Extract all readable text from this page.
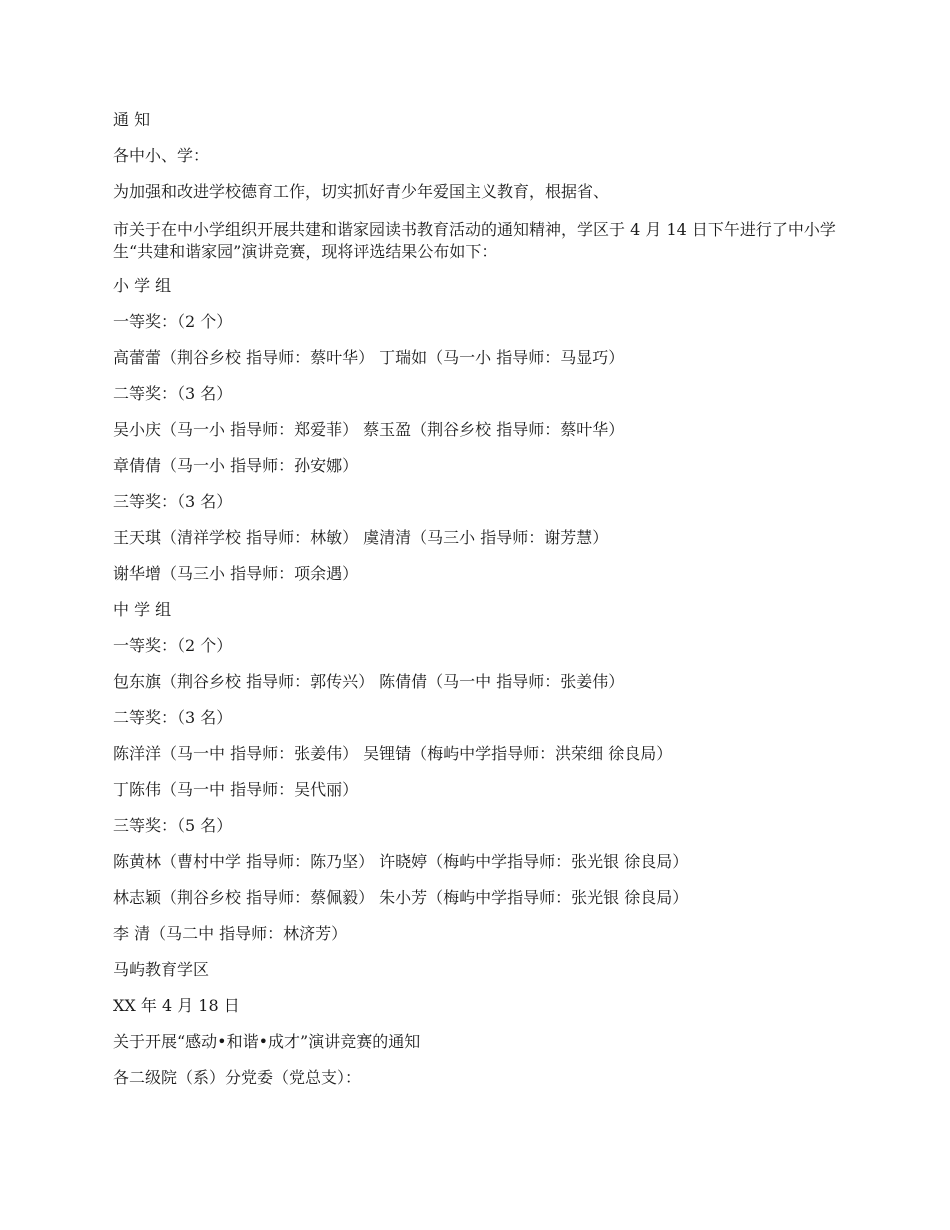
通 知

各中小、学：

为加强和改进学校德育工作，切实抓好青少年爱国主义教育，根据省、

市关于在中小学组织开展共建和谐家园读书教育活动的通知精神，学区于 4 月 14 日下午进行了中小学生“共建和谐家园”演讲竞赛，现将评选结果公布如下：

小 学 组

一等奖：（2 个）

高蕾蕾（荆谷乡校 指导师：蔡叶华） 丁瑞如（马一小 指导师：马显巧）

二等奖：（3 名）

吴小庆（马一小 指导师：郑爱菲） 蔡玉盈（荆谷乡校 指导师：蔡叶华）

章倩倩（马一小 指导师：孙安娜）

三等奖：（3 名）

王天琪（清祥学校 指导师：林敏） 虞清清（马三小 指导师：谢芳慧）

谢华增（马三小 指导师：项余遇）

中 学 组

一等奖：（2 个）

包东旗（荆谷乡校 指导师：郭传兴） 陈倩倩（马一中 指导师：张姜伟）

二等奖：（3 名）

陈洋洋（马一中 指导师：张姜伟） 吴锂锖（梅屿中学指导师：洪荣细 徐良局）

丁陈伟（马一中 指导师：吴代丽）

三等奖：（5 名）

陈黄林（曹村中学 指导师：陈乃坚） 许晓婷（梅屿中学指导师：张光银 徐良局）

林志颖（荆谷乡校 指导师：蔡佩毅） 朱小芳（梅屿中学指导师：张光银 徐良局）

李 清（马二中 指导师：林济芳）

马屿教育学区

XX 年 4 月 18 日

关于开展“感动•和谐•成才”演讲竞赛的通知

各二级院（系）分党委（党总支）：
